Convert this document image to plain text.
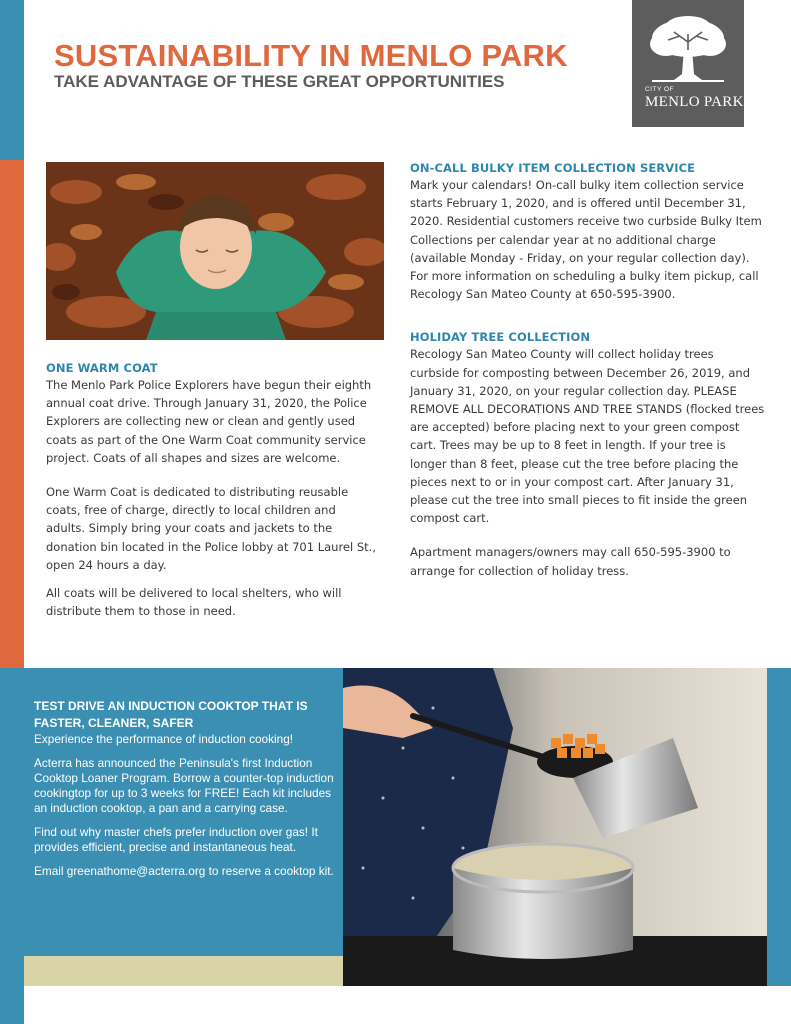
SUSTAINABILITY IN MENLO PARK
TAKE ADVANTAGE OF THESE GREAT OPPORTUNITIES	CITY OF
MENLO PARK
ONE WARM COAT

The Menlo Park Police Explorers have begun their eighth annual coat drive. Through January 31, 2020, the Police Explorers are collecting new or clean and gently used coats as part of the One Warm Coat community service project. Coats of all shapes and sizes are welcome.

One Warm Coat is dedicated to distributing reusable coats, free of charge, directly to local children and adults. Simply bring your coats and jackets to the donation bin located in the Police lobby at 701 Laurel St., open 24 hours a day.

All coats will be delivered to local shelters, who will distribute them to those in need.

ON-CALL BULKY ITEM COLLECTION SERVICE

Mark your calendars! On-call bulky item collection service starts February 1, 2020, and is offered until December 31, 2020. Residential customers receive two curbside Bulky Item Collections per calendar year at no additional charge (available Monday - Friday, on your regular collection day). For more information on scheduling a bulky item pickup, call Recology San Mateo County at 650-595-3900.

HOLIDAY TREE COLLECTION

Recology San Mateo County will collect holiday trees curbside for composting between December 26, 2019, and January 31, 2020, on your regular collection day. PLEASE REMOVE ALL DECORATIONS AND TREE STANDS (flocked trees are accepted) before placing next to your green compost cart. Trees may be up to 8 feet in length. If your tree is longer than 8 feet, please cut the tree before placing the pieces next to or in your compost cart. After January 31, please cut the tree into small pieces to fit inside the green compost cart.

Apartment managers/owners may call 650-595-3900 to arrange for collection of holiday tress.

TEST DRIVE AN INDUCTION COOKTOP THAT IS FASTER, CLEANER, SAFER

Experience the performance of induction cooking!

Acterra has announced the Peninsula's first Induction Cooktop Loaner Program. Borrow a counter-top induction cookingtop for up to 3 weeks for FREE! Each kit includes an induction cooktop, a pan and a carrying case.

Find out why master chefs prefer induction over gas! It provides efficient, precise and instantaneous heat.

Email greenathome@acterra.org to reserve a cooktop kit.
